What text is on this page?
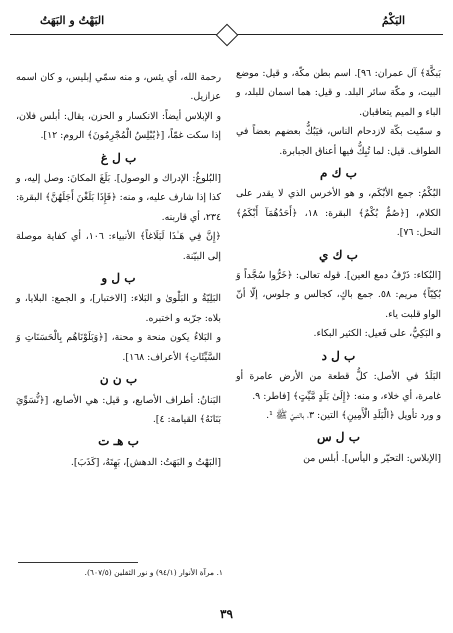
البَكْمُ
البَهْتُ و البَهَتُ

بَبكَّةَ﴾ آل عمران: ٩٦]. اسم بطن مكّة، و قيل: موضع البيت، و مكّة سائر البلد. و قيل: هما اسمان للبلد، و الباء و الميم يتعاقبان.

و سمّيت بكّة لازدحام الناس، فيَبُكُّ بعضهم بعضاً في الطواف. قيل: لما تُبِكُّ فيها أعناق الجبابرة.

ب ك م

البُكْمُ: جمع الأبْكَم، و هو الأخرس الذي لا يقدر على الكلام، [﴿صُمٌّ بُكْمٌ﴾ البقرة: ١٨، ﴿أَحَدُهُمَآ أَبْكَمُ﴾ النحل: ٧٦].

ب ك ي

[البُكاء: ذَرْفُ دمع العين]. قوله تعالى: ﴿خَرُّوا سُجَّداً وَ بُكِيّاً﴾ مريم: ٥٨. جمع باكٍ، كجالس و جلوس، إلّا أنّ الواو قلبت ياء.

و البَكِيُّ، على فَعيل: الكثير البكاء.

ب ل د

البَلَدُ في الأصل: كلُّ قطعة من الأرض عامرة أو غامرة، أي خلاء، و منه: ﴿إِلَىٰ بَلَدٍ مَّيِّتٍ﴾ [فاطر: ٩.

و ورد تأويل ﴿الْبَلَدِ الْأَمِينِ﴾ التين: ٣، بالنبيّ ﷺ ¹.

ب ل س

[الإبلاس: التحيّر و اليأس]. أبلس من

رحمة الله، أي يئس، و منه سمّي إبليس، و كان اسمه عزازيل.

و الإبلاس أيضاً: الانكسار و الحزن، يقال: أبلس فلان، إذا سكت غمّاً، [﴿يُبْلِسُ الْمُجْرِمُونَ﴾ الروم: ١٢].

ب ل غ

[البُلوغُ: الإدراك و الوصول]. بَلَغَ المكانَ: وصل إليه، و كذا إذا شارف عليه، و منه: ﴿فَإِذَا بَلَغْنَ أَجَلَهُنَّ﴾ البقرة: ٢٣٤، أي قاربنه.

﴿إِنَّ فِي هَـٰذَا لَبَلَاغاً﴾ الأنبياء: ١٠٦، أي كفاية موصلة إلى البيّنة.

ب ل و

البَلِيّةُ و البَلْوىٰ و البَلاء: [الاختبار]، و الجمع: البلايا، و بلاه: جرّبه و اختبره.

و البَلاءُ يكون منحة و محنة، [﴿وَبَلَوْنَاهُم بِالْحَسَنَاتِ وَ السَّيِّئَاتِ﴾ الأعراف: ١٦٨].

ب ن ن

البَنانُ: أطراف الأصابع، و قيل: هي الأصابع، [﴿نُّسَوِّيَ بَنَانَهُ﴾ القيامة: ٤].

ب هـ ت

[البَهْتُ و البَهَتُ: الدهش]، بَهِتَهُ، [كَذَبَ].

١. مرآة الأنوار (٩٤/١) و نور الثقلين (٦٠٧/٥).
٣٩
